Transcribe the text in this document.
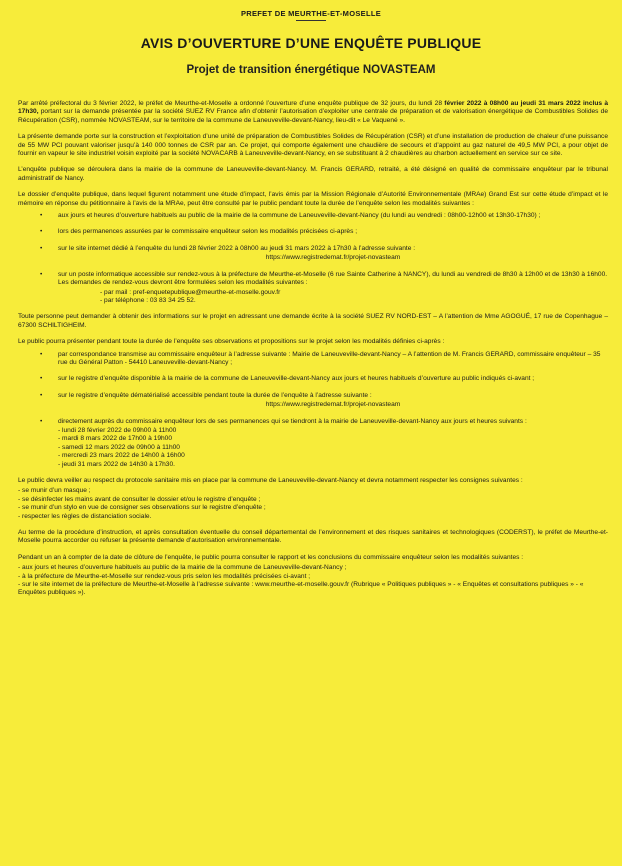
PREFET DE MEURTHE-ET-MOSELLE
AVIS D’OUVERTURE D’UNE ENQUÊTE PUBLIQUE
Projet de transition énergétique NOVASTEAM

Par arrêté préfectoral du 3 février 2022, le préfet de Meurthe-et-Moselle a ordonné l’ouverture d’une enquête publique de 32 jours, du lundi 28 février 2022 à 08h00 au jeudi 31 mars 2022 inclus à 17h30, portant sur la demande présentée par la société SUEZ RV France afin d’obtenir l’autorisation d’exploiter une centrale de préparation et de valorisation énergétique de Combustibles Solides de Récupération (CSR), nommée NOVASTEAM, sur le territoire de la commune de Laneuveville-devant-Nancy, lieu-dit « Le Vaquené ».

La présente demande porte sur la construction et l’exploitation d’une unité de préparation de Combustibles Solides de Récupération (CSR) et d’une installation de production de chaleur d’une puissance de 55 MW PCI pouvant valoriser jusqu’à 140 000 tonnes de CSR par an. Ce projet, qui comporte également une chaudière de secours et d’appoint au gaz naturel de 49,5 MW PCI, a pour objet de fournir en vapeur le site industriel voisin exploité par la société NOVACARB à Laneuveville-devant-Nancy, en se substituant à 2 chaudières au charbon actuellement en service sur ce site.

L’enquête publique se déroulera dans la mairie de la commune de Laneuveville-devant-Nancy. M. Francis GERARD, retraité, a été désigné en qualité de commissaire enquêteur par le tribunal administratif de Nancy.

Le dossier d’enquête publique, dans lequel figurent notamment une étude d’impact, l’avis émis par la Mission Régionale d’Autorité Environnementale (MRAe) Grand Est sur cette étude d’impact et le mémoire en réponse du pétitionnaire à l’avis de la MRAe, peut être consulté par le public pendant toute la durée de l’enquête selon les modalités suivantes :

• aux jours et heures d’ouverture habituels au public de la mairie de la commune de Laneuveville-devant-Nancy (du lundi au vendredi : 08h00-12h00 et 13h30-17h30) ;
• lors des permanences assurées par le commissaire enquêteur selon les modalités précisées ci-après ;
• sur le site internet dédié à l’enquête du lundi 28 février 2022 à 08h00 au jeudi 31 mars 2022 à 17h30 à l’adresse suivante :
https://www.registredemat.fr/projet-novasteam
• sur un poste informatique accessible sur rendez-vous à la préfecture de Meurthe-et-Moselle (6 rue Sainte Catherine à NANCY), du lundi au vendredi de 8h30 à 12h00 et de 13h30 à 16h00. Les demandes de rendez-vous devront être formulées selon les modalités suivantes :
- par mail : pref-enquetepublique@meurthe-et-moselle.gouv.fr
- par téléphone : 03 83 34 25 52.

Toute personne peut demander à obtenir des informations sur le projet en adressant une demande écrite à la société SUEZ RV NORD-EST – A l’attention de Mme AGOGUÉ, 17 rue de Copenhague – 67300 SCHILTIGHEIM.

Le public pourra présenter pendant toute la durée de l’enquête ses observations et propositions sur le projet selon les modalités définies ci-après :

• par correspondance transmise au commissaire enquêteur à l’adresse suivante : Mairie de Laneuveville-devant-Nancy – A l’attention de M. Francis GERARD, commissaire enquêteur – 35 rue du Général Patton - 54410 Laneuveville-devant-Nancy ;
• sur le registre d’enquête disponible à la mairie de la commune de Laneuveville-devant-Nancy aux jours et heures habituels d’ouverture au public indiqués ci-avant ;
• sur le registre d’enquête dématérialisé accessible pendant toute la durée de l’enquête à l’adresse suivante :
https://www.registredemat.fr/projet-novasteam
• directement auprès du commissaire enquêteur lors de ses permanences qui se tiendront à la mairie de Laneuveville-devant-Nancy aux jours et heures suivants :
- lundi 28 février 2022 de 09h00 à 11h00
- mardi 8 mars 2022 de 17h00 à 19h00
- samedi 12 mars 2022 de 09h00 à 11h00
- mercredi 23 mars 2022 de 14h00 à 16h00
- jeudi 31 mars 2022 de 14h30 à 17h30.

Le public devra veiller au respect du protocole sanitaire mis en place par la commune de Laneuveville-devant-Nancy et devra notamment respecter les consignes suivantes :

- se munir d’un masque ;
- se désinfecter les mains avant de consulter le dossier et/ou le registre d’enquête ;
- se munir d’un stylo en vue de consigner ses observations sur le registre d’enquête ;
- respecter les règles de distanciation sociale.

Au terme de la procédure d’instruction, et après consultation éventuelle du conseil départemental de l’environnement et des risques sanitaires et technologiques (CODERST), le préfet de Meurthe-et-Moselle pourra accorder ou refuser la présente demande d’autorisation environnementale.

Pendant un an à compter de la date de clôture de l’enquête, le public pourra consulter le rapport et les conclusions du commissaire enquêteur selon les modalités suivantes :

- aux jours et heures d’ouverture habituels au public de la mairie de la commune de Laneuveville-devant-Nancy ;
- à la préfecture de Meurthe-et-Moselle sur rendez-vous pris selon les modalités précisées ci-avant ;
- sur le site internet de la préfecture de Meurthe-et-Moselle à l’adresse suivante : www.meurthe-et-moselle.gouv.fr (Rubrique « Politiques publiques » - « Enquêtes et consultations publiques » - « Enquêtes publiques »).
